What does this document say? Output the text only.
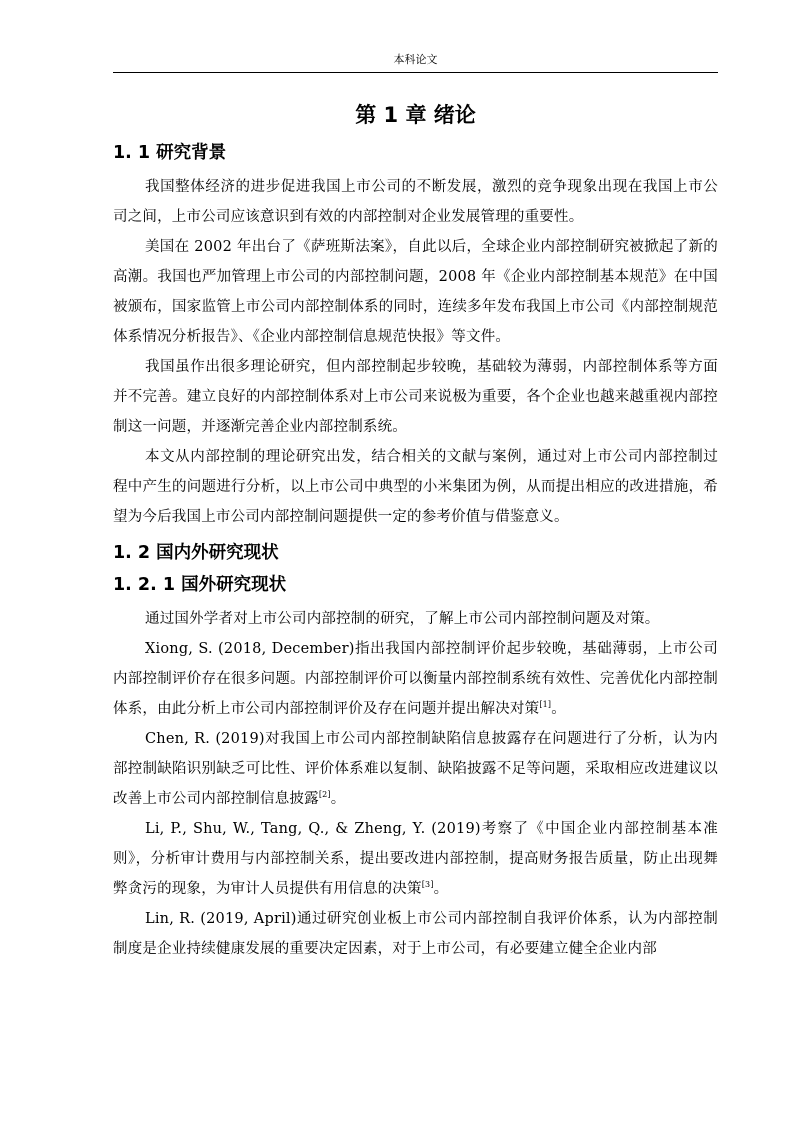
本科论文
第 1 章 绪论
1. 1 研究背景

我国整体经济的进步促进我国上市公司的不断发展，激烈的竞争现象出现在我国上市公司之间，上市公司应该意识到有效的内部控制对企业发展管理的重要性。

美国在 2002 年出台了《萨班斯法案》，自此以后，全球企业内部控制研究被掀起了新的高潮。我国也严加管理上市公司的内部控制问题，2008 年《企业内部控制基本规范》在中国被颁布，国家监管上市公司内部控制体系的同时，连续多年发布我国上市公司《内部控制规范体系情况分析报告》、《企业内部控制信息规范快报》等文件。

我国虽作出很多理论研究，但内部控制起步较晚，基础较为薄弱，内部控制体系等方面并不完善。建立良好的内部控制体系对上市公司来说极为重要，各个企业也越来越重视内部控制这一问题，并逐渐完善企业内部控制系统。

本文从内部控制的理论研究出发，结合相关的文献与案例，通过对上市公司内部控制过程中产生的问题进行分析，以上市公司中典型的小米集团为例，从而提出相应的改进措施，希望为今后我国上市公司内部控制问题提供一定的参考价值与借鉴意义。

1. 2 国内外研究现状
1. 2. 1 国外研究现状

通过国外学者对上市公司内部控制的研究，了解上市公司内部控制问题及对策。

Xiong, S. (2018, December)指出我国内部控制评价起步较晚，基础薄弱，上市公司内部控制评价存在很多问题。内部控制评价可以衡量内部控制系统有效性、完善优化内部控制体系，由此分析上市公司内部控制评价及存在问题并提出解决对策[1]。

Chen, R. (2019)对我国上市公司内部控制缺陷信息披露存在问题进行了分析，认为内部控制缺陷识别缺乏可比性、评价体系难以复制、缺陷披露不足等问题，采取相应改进建议以改善上市公司内部控制信息披露[2]。

Li, P., Shu, W., Tang, Q., & Zheng, Y. (2019)考察了《中国企业内部控制基本准则》，分析审计费用与内部控制关系，提出要改进内部控制，提高财务报告质量，防止出现舞弊贪污的现象，为审计人员提供有用信息的决策[3]。

Lin, R. (2019, April)通过研究创业板上市公司内部控制自我评价体系，认为内部控制制度是企业持续健康发展的重要决定因素，对于上市公司，有必要建立健全企业内部
